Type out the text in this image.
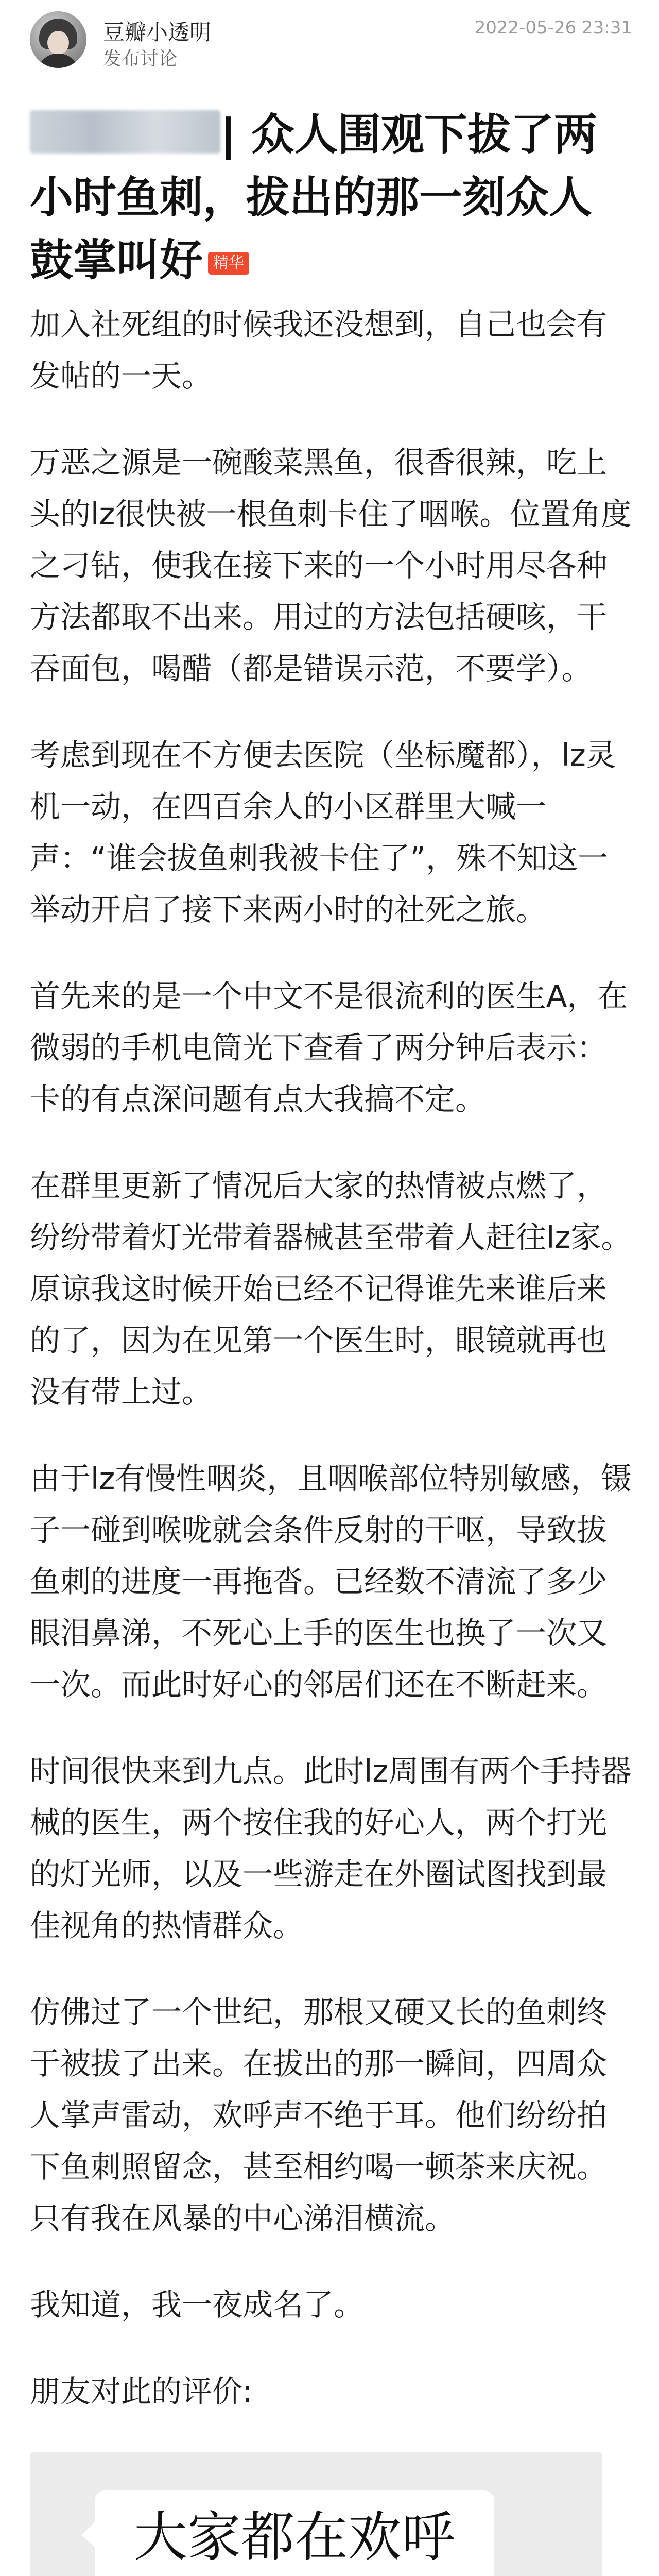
豆瓣小透明
发布讨论
2022-05-26 23:31
| 众人围观下拔了两小时鱼刺，拔出的那一刻众人鼓掌叫好 精华

加入社死组的时候我还没想到，自己也会有发帖的一天。

万恶之源是一碗酸菜黑鱼，很香很辣，吃上头的lz很快被一根鱼刺卡住了咽喉。位置角度之刁钻，使我在接下来的一个小时用尽各种方法都取不出来。用过的方法包括硬咳，干吞面包，喝醋（都是错误示范，不要学）。

考虑到现在不方便去医院（坐标魔都），lz灵机一动，在四百余人的小区群里大喊一声：“谁会拔鱼刺我被卡住了”，殊不知这一举动开启了接下来两小时的社死之旅。

首先来的是一个中文不是很流利的医生A，在微弱的手机电筒光下查看了两分钟后表示：卡的有点深问题有点大我搞不定。

在群里更新了情况后大家的热情被点燃了，纷纷带着灯光带着器械甚至带着人赶往lz家。原谅我这时候开始已经不记得谁先来谁后来的了，因为在见第一个医生时，眼镜就再也没有带上过。

由于lz有慢性咽炎，且咽喉部位特别敏感，镊子一碰到喉咙就会条件反射的干呕，导致拔鱼刺的进度一再拖沓。已经数不清流了多少眼泪鼻涕，不死心上手的医生也换了一次又一次。而此时好心的邻居们还在不断赶来。

时间很快来到九点。此时lz周围有两个手持器械的医生，两个按住我的好心人，两个打光的灯光师，以及一些游走在外圈试图找到最佳视角的热情群众。

仿佛过了一个世纪，那根又硬又长的鱼刺终于被拔了出来。在拔出的那一瞬间，四周众人掌声雷动，欢呼声不绝于耳。他们纷纷拍下鱼刺照留念，甚至相约喝一顿茶来庆祝。只有我在风暴的中心涕泪横流。

我知道，我一夜成名了。

朋友对此的评价:

大家都在欢呼
